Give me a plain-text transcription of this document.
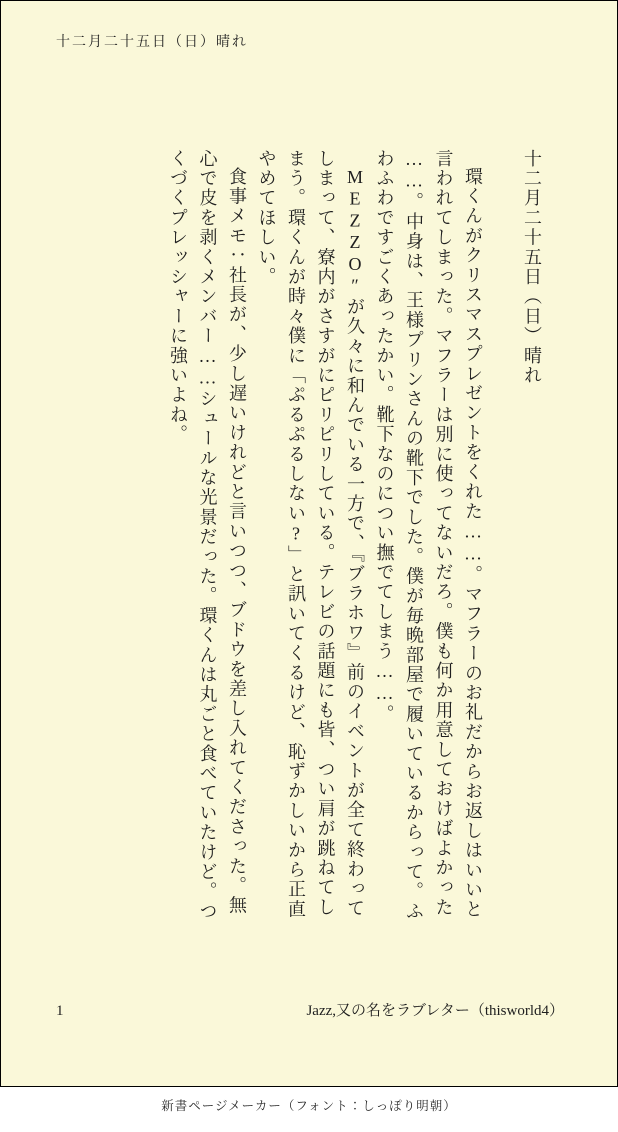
十二月二十五日（日）晴れ

十二月二十五日（日）晴れ

環くんがクリスマスプレゼントをくれた……。マフラーのお礼だからお返しはいいと言われてしまった。マフラーは別に使ってないだろ。僕も何か用意しておけばよかった……。中身は、王様プリンさんの靴下でした。僕が毎晩部屋で履いているからって。ふわふわですごくあったかい。靴下なのについ撫でてしまう……。

MEZZO″が久々に和んでいる一方で、『ブラホワ』前のイベントが全て終わってしまって、寮内がさすがにピリピリしている。テレビの話題にも皆、つい肩が跳ねてしまう。環くんが時々僕に「ぷるぷるしない?」と訊いてくるけど、恥ずかしいから正直やめてほしい。

食事メモ：社長が、少し遅いけれどと言いつつ、ブドウを差し入れてくださった。無心で皮を剥くメンバー……シュールな光景だった。環くんは丸ごと食べていたけど。つくづくプレッシャーに強いよね。

1	Jazz,又の名をラブレター（thisworld4）
新書ページメーカー（フォント：しっぽり明朝）
